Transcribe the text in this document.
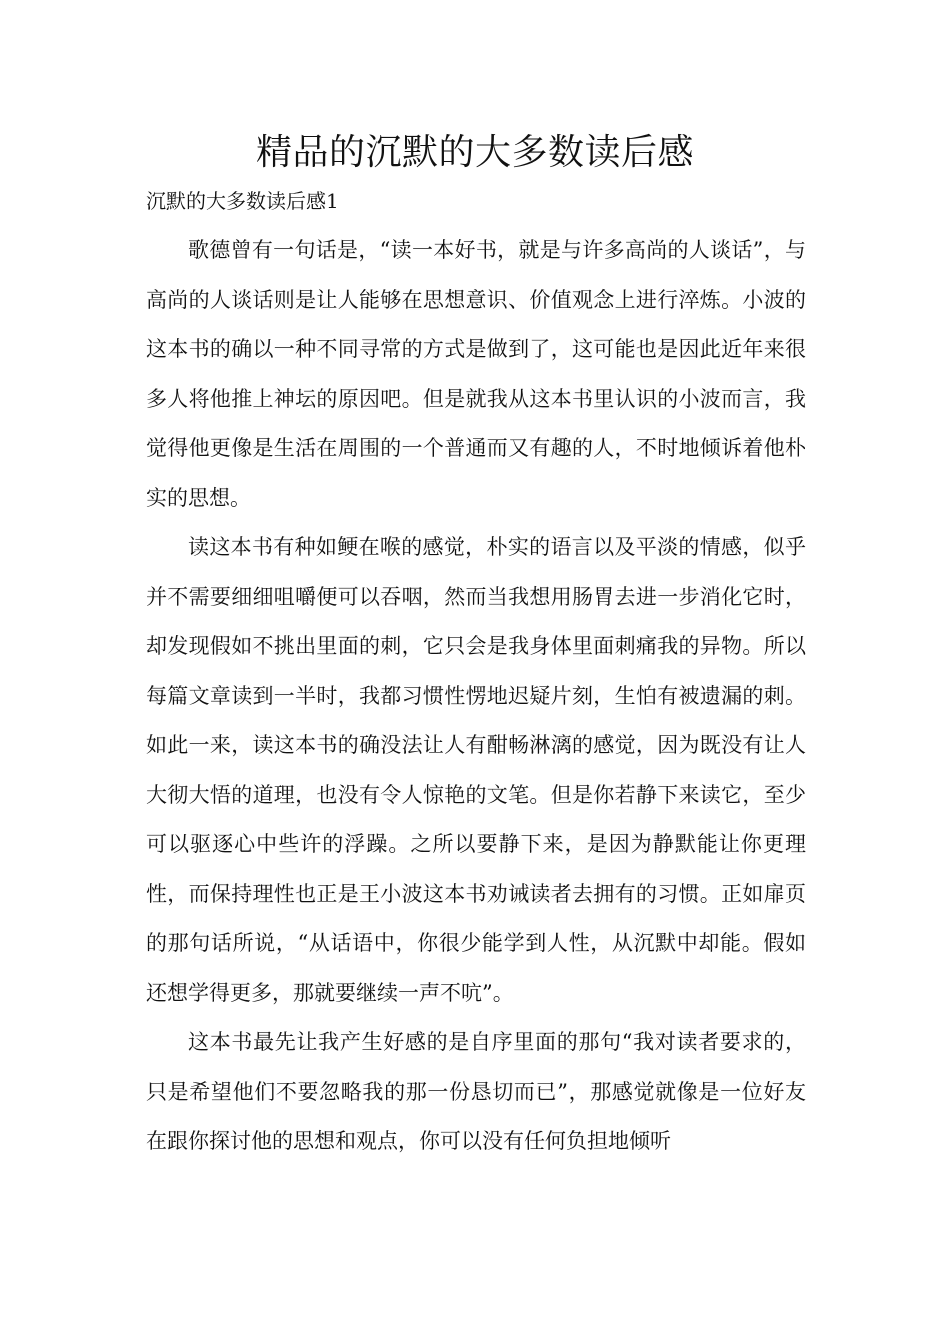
精品的沉默的大多数读后感

沉默的大多数读后感1

歌德曾有一句话是，“读一本好书，就是与许多高尚的人谈话”，与高尚的人谈话则是让人能够在思想意识、价值观念上进行淬炼。小波的这本书的确以一种不同寻常的方式是做到了，这可能也是因此近年来很多人将他推上神坛的原因吧。但是就我从这本书里认识的小波而言，我觉得他更像是生活在周围的一个普通而又有趣的人，不时地倾诉着他朴实的思想。

读这本书有种如鲠在喉的感觉，朴实的语言以及平淡的情感，似乎并不需要细细咀嚼便可以吞咽，然而当我想用肠胃去进一步消化它时，却发现假如不挑出里面的刺，它只会是我身体里面刺痛我的异物。所以每篇文章读到一半时，我都习惯性愣地迟疑片刻，生怕有被遗漏的刺。如此一来，读这本书的确没法让人有酣畅淋漓的感觉，因为既没有让人大彻大悟的道理，也没有令人惊艳的文笔。但是你若静下来读它，至少可以驱逐心中些许的浮躁。之所以要静下来，是因为静默能让你更理性，而保持理性也正是王小波这本书劝诫读者去拥有的习惯。正如扉页的那句话所说，“从话语中，你很少能学到人性，从沉默中却能。假如还想学得更多，那就要继续一声不吭”。

这本书最先让我产生好感的是自序里面的那句“我对读者要求的，只是希望他们不要忽略我的那一份恳切而已”，那感觉就像是一位好友在跟你探讨他的思想和观点，你可以没有任何负担地倾听
